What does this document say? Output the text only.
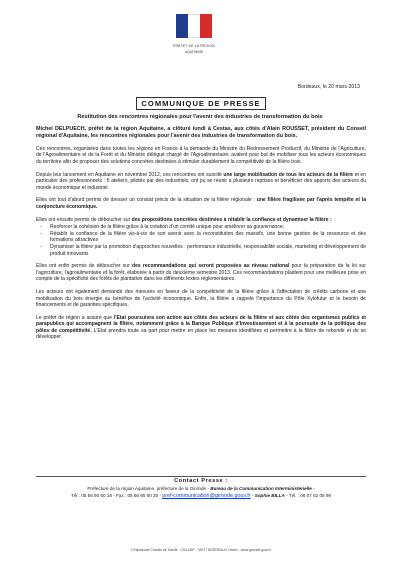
PRÉFET DE LA RÉGION
AQUITAINE
Bordeaux, le 20 mars 2013
COMMUNIQUE DE PRESSE
Restitution des rencontres régionales pour l'avenir des industries de transformation du bois

Michel DELPUECH, préfet de la région Aquitaine, a clôturé lundi à Cestas, aux côtés d'Alain ROUSSET, président du Conseil régional d'Aquitaine, les rencontres régionales pour l'avenir des industries de transformation du bois.

Ces rencontres, organisées dans toutes les régions en France à la demande du Ministre du Redressement Productif, du Ministre de l'Agriculture, de l'Agroalimentaire et de la Forêt et du Ministre délégué chargé de l'Agroalimentaire, avaient pour but de mobiliser tous les acteurs économiques du territoire afin de proposer des solutions concrètes destinées à stimuler durablement la compétitivité de la filière bois.

Depuis leur lancement en Aquitaine en novembre 2012, ces rencontres ont suscité une large mobilisation de tous les acteurs de la filière et en particulier des professionnels : 5 ateliers, pilotés par des industriels, ont pu se réunir à plusieurs reprises et bénéficier des apports des acteurs du monde économique et industriel.

Elles ont tout d'abord permis de dresser un constat précis de la situation de la filière régionale : une filière fragilisée par l'après tempête et la conjoncture économique.

Elles ont ensuite permis de déboucher sur des propositions concrètes destinées à rétablir la confiance et dynamiser la filière :

- Renforcer la cohésion de la filière grâce à la création d'un comité unique pour améliorer sa gouvernance;
- Rétablir la confiance de la filière vis-à-vis de son avenir avec la reconstitution des massifs, une bonne gestion de la ressource et des formations attractives
- Dynamiser la filière par la promotion d'approches nouvelles : performance industrielle, responsabilité sociale, marketing et développement de produit innovants

Elles ont enfin permis de déboucher sur des recommandations qui seront proposées au niveau national pour la préparation de la loi sur l'agriculture, l'agroalimentaire et la forêt, élaborée à partir du deuxième semestre 2013. Ces recommandations plaident pour une meilleure prise en compte de la spécificité des forêts de plantation dans les différents textes réglementaires.

Les acteurs ont également demandé des mesures en faveur de la compétitivité de la filière grâce à l'affectation de crédits carbone et une mobilisation du bois énergie au bénéfice de l'activité économique. Enfin, la filière a rappelé l'importance du Pôle Xylofutur et le besoin de financements et de garanties spécifiques.

Le préfet de région a assuré que l'Etat poursuivra son action aux côtés des acteurs de la filière et aux côtés des organismes publics et parapublics qui accompagnent la filière, notamment grâce à la Banque Publique d'Investissement et à la poursuite de la politique des pôles de compétitivité. L'Etat prendra toute sa part pour mettre en place les mesures identifiées et permettre à la filière de rebondir et de se développer.

Contact Presse :
Préfecture de la région Aquitaine, préfecture de la Gironde - Bureau de la Communication Interministérielle -
Tél : 05 56 90 60 18 - Fax : 05 56 90 60 30 - pref-communication@gironde.gouv.fr - Sophie BILLA - Tél. : 06 07 62 05 99
2 Esplanade Charles de Gaulle - CS41397 - 33077 BORDEAUX Cedex - www.gironde.gouv.fr
